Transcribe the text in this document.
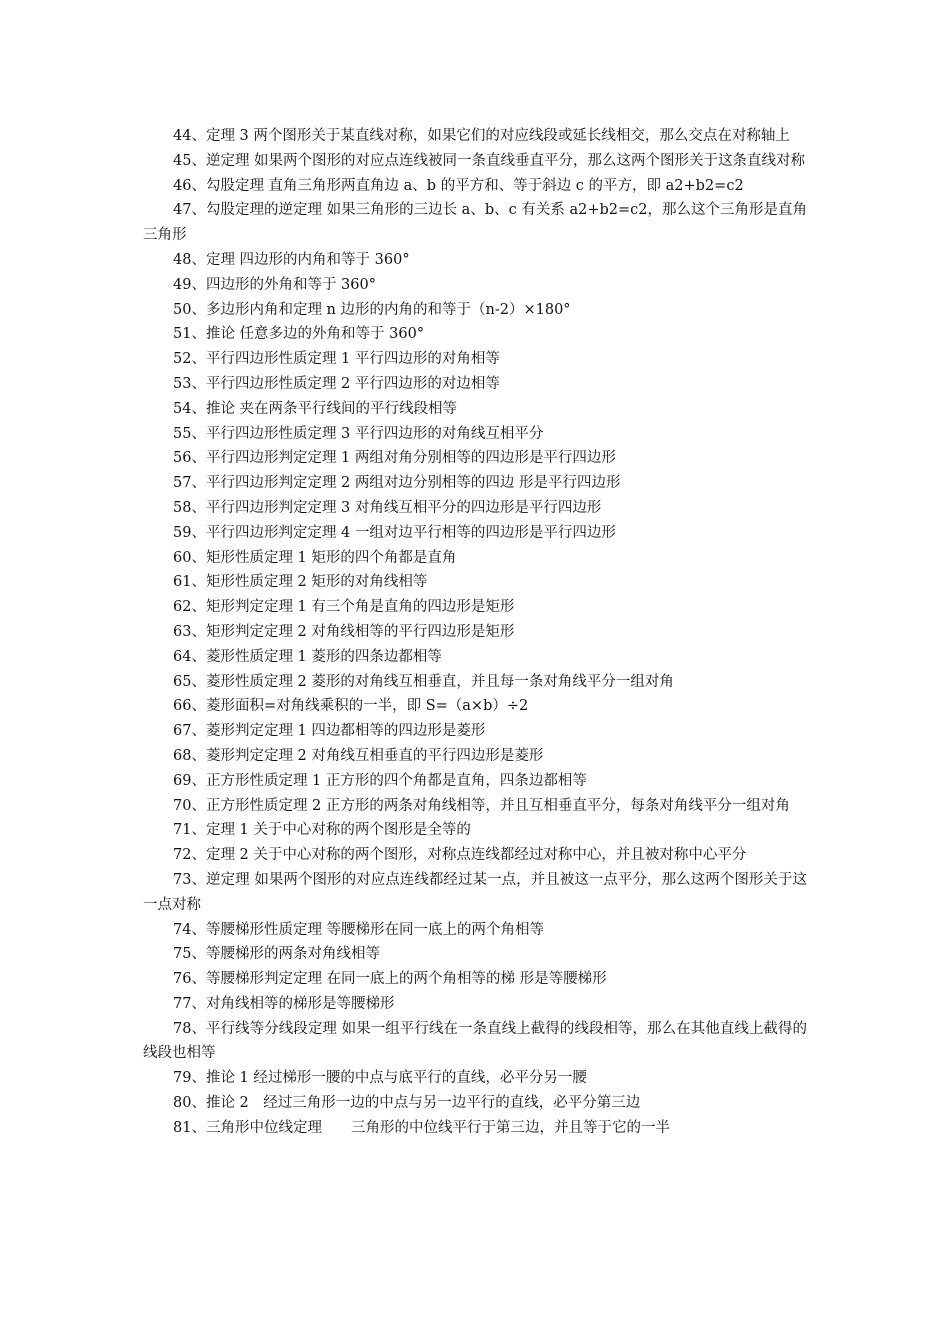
44、定理 3 两个图形关于某直线对称，如果它们的对应线段或延长线相交，那么交点在对称轴上

45、逆定理 如果两个图形的对应点连线被同一条直线垂直平分，那么这两个图形关于这条直线对称

46、勾股定理 直角三角形两直角边 a、b 的平方和、等于斜边 c 的平方，即 a2+b2=c2

47、勾股定理的逆定理 如果三角形的三边长 a、b、c 有关系 a2+b2=c2，那么这个三角形是直角三角形

48、定理 四边形的内角和等于 360°

49、四边形的外角和等于 360°

50、多边形内角和定理 n 边形的内角的和等于（n-2）×180°

51、推论 任意多边的外角和等于 360°

52、平行四边形性质定理 1 平行四边形的对角相等

53、平行四边形性质定理 2 平行四边形的对边相等

54、推论 夹在两条平行线间的平行线段相等

55、平行四边形性质定理 3 平行四边形的对角线互相平分

56、平行四边形判定定理 1 两组对角分别相等的四边形是平行四边形

57、平行四边形判定定理 2 两组对边分别相等的四边 形是平行四边形

58、平行四边形判定定理 3 对角线互相平分的四边形是平行四边形

59、平行四边形判定定理 4 一组对边平行相等的四边形是平行四边形

60、矩形性质定理 1 矩形的四个角都是直角

61、矩形性质定理 2 矩形的对角线相等

62、矩形判定定理 1 有三个角是直角的四边形是矩形

63、矩形判定定理 2 对角线相等的平行四边形是矩形

64、菱形性质定理 1 菱形的四条边都相等

65、菱形性质定理 2 菱形的对角线互相垂直，并且每一条对角线平分一组对角

66、菱形面积=对角线乘积的一半，即 S=（a×b）÷2

67、菱形判定定理 1 四边都相等的四边形是菱形

68、菱形判定定理 2 对角线互相垂直的平行四边形是菱形

69、正方形性质定理 1 正方形的四个角都是直角，四条边都相等

70、正方形性质定理 2 正方形的两条对角线相等，并且互相垂直平分，每条对角线平分一组对角

71、定理 1 关于中心对称的两个图形是全等的

72、定理 2 关于中心对称的两个图形，对称点连线都经过对称中心，并且被对称中心平分

73、逆定理 如果两个图形的对应点连线都经过某一点，并且被这一点平分，那么这两个图形关于这一点对称

74、等腰梯形性质定理 等腰梯形在同一底上的两个角相等

75、等腰梯形的两条对角线相等

76、等腰梯形判定定理 在同一底上的两个角相等的梯 形是等腰梯形

77、对角线相等的梯形是等腰梯形

78、平行线等分线段定理 如果一组平行线在一条直线上截得的线段相等，那么在其他直线上截得的线段也相等

79、推论 1 经过梯形一腰的中点与底平行的直线，必平分另一腰

80、推论 2　经过三角形一边的中点与另一边平行的直线，必平分第三边

81、三角形中位线定理　　三角形的中位线平行于第三边，并且等于它的一半
